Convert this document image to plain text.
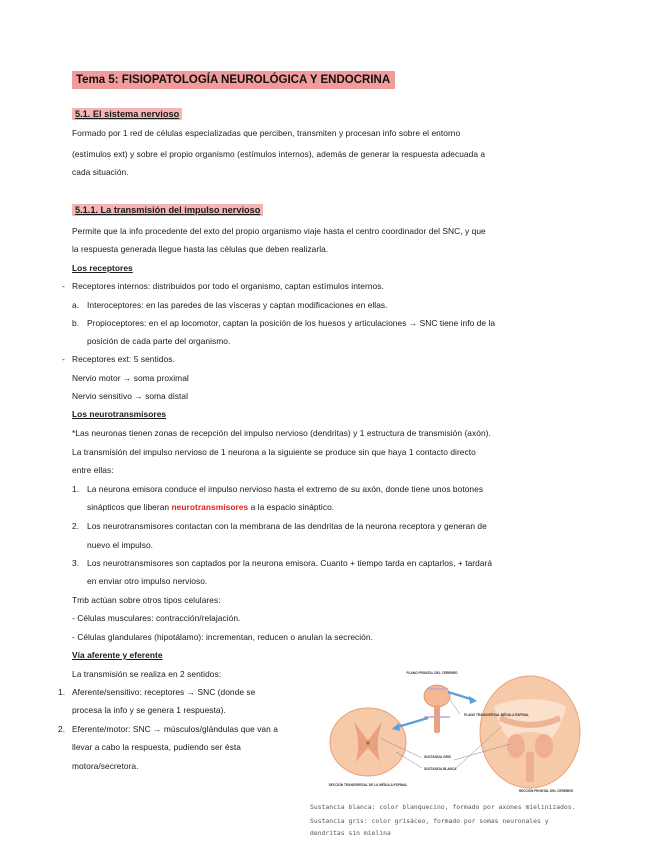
Tema 5: FISIOPATOLOGÍA NEUROLÓGICA Y ENDOCRINA
5.1. El sistema nervioso
Formado por 1 red de células especializadas que perciben, transmiten y procesan info sobre el entorno
(estímulos ext) y sobre el propio organismo (estímulos internos), además de generar la respuesta adecuada a
cada situación.
5.1.1. La transmisión del impulso nervioso
Permite que la info procedente del exto del propio organismo viaje hasta el centro coordinador del SNC, y que
la respuesta generada llegue hasta las células que deben realizarla.
Los receptores
- Receptores internos: distribuidos por todo el organismo, captan estímulos internos.
a. Interoceptores: en las paredes de las vísceras y captan modificaciones en ellas.
b. Propioceptores: en el ap locomotor, captan la posición de los huesos y articulaciones → SNC tiene info de la
posición de cada parte del organismo.
- Receptores ext: 5 sentidos.
Nervio motor → soma proximal
Nervio sensitivo → soma distal
Los neurotransmisores
*Las neuronas tienen zonas de recepción del impulso nervioso (dendritas) y 1 estructura de transmisión (axón).
La transmisión del impulso nervioso de 1 neurona a la siguiente se produce sin que haya 1 contacto directo
entre ellas:
1. La neurona emisora conduce el impulso nervioso hasta el extremo de su axón, donde tiene unos botones
sinápticos que liberan neurotransmisores a la espacio sináptico.
2. Los neurotransmisores contactan con la membrana de las dendritas de la neurona receptora y generan de
nuevo el impulso.
3. Los neurotransmisores son captados por la neurona emisora. Cuanto + tiempo tarda en captarlos, + tardará
en enviar otro impulso nervioso.
Tmb actúan sobre otros tipos celulares:
- Células musculares: contracción/relajación.
- Células glandulares (hipotálamo): incrementan, reducen o anulan la secreción.
Vía aferente y eferente
La transmisión se realiza en 2 sentidos:
1. Aferente/sensitivo: receptores → SNC (donde se
procesa la info y se genera 1 respuesta).
2. Eferente/motor: SNC → músculos/glándulas que van a
llevar a cabo la respuesta, pudiendo ser ésta
motora/secretora.
PLANO FRONTAL DEL CEREBRO
PLANO TRANSVERSAL MÉDULA ESPINAL
SUSTANCIA GRIS
SUSTANCIA BLANCA
SECCIÓN TRANSVERSAL DE LA MÉDULA ESPINAL
SECCIÓN FRONTAL DEL CEREBRO
Sustancia blanca: color blanquecino, formado por axones mielinizados.
Sustancia gris: color grisáceo, formado por somas neuronales y
dendritas sin mielina
